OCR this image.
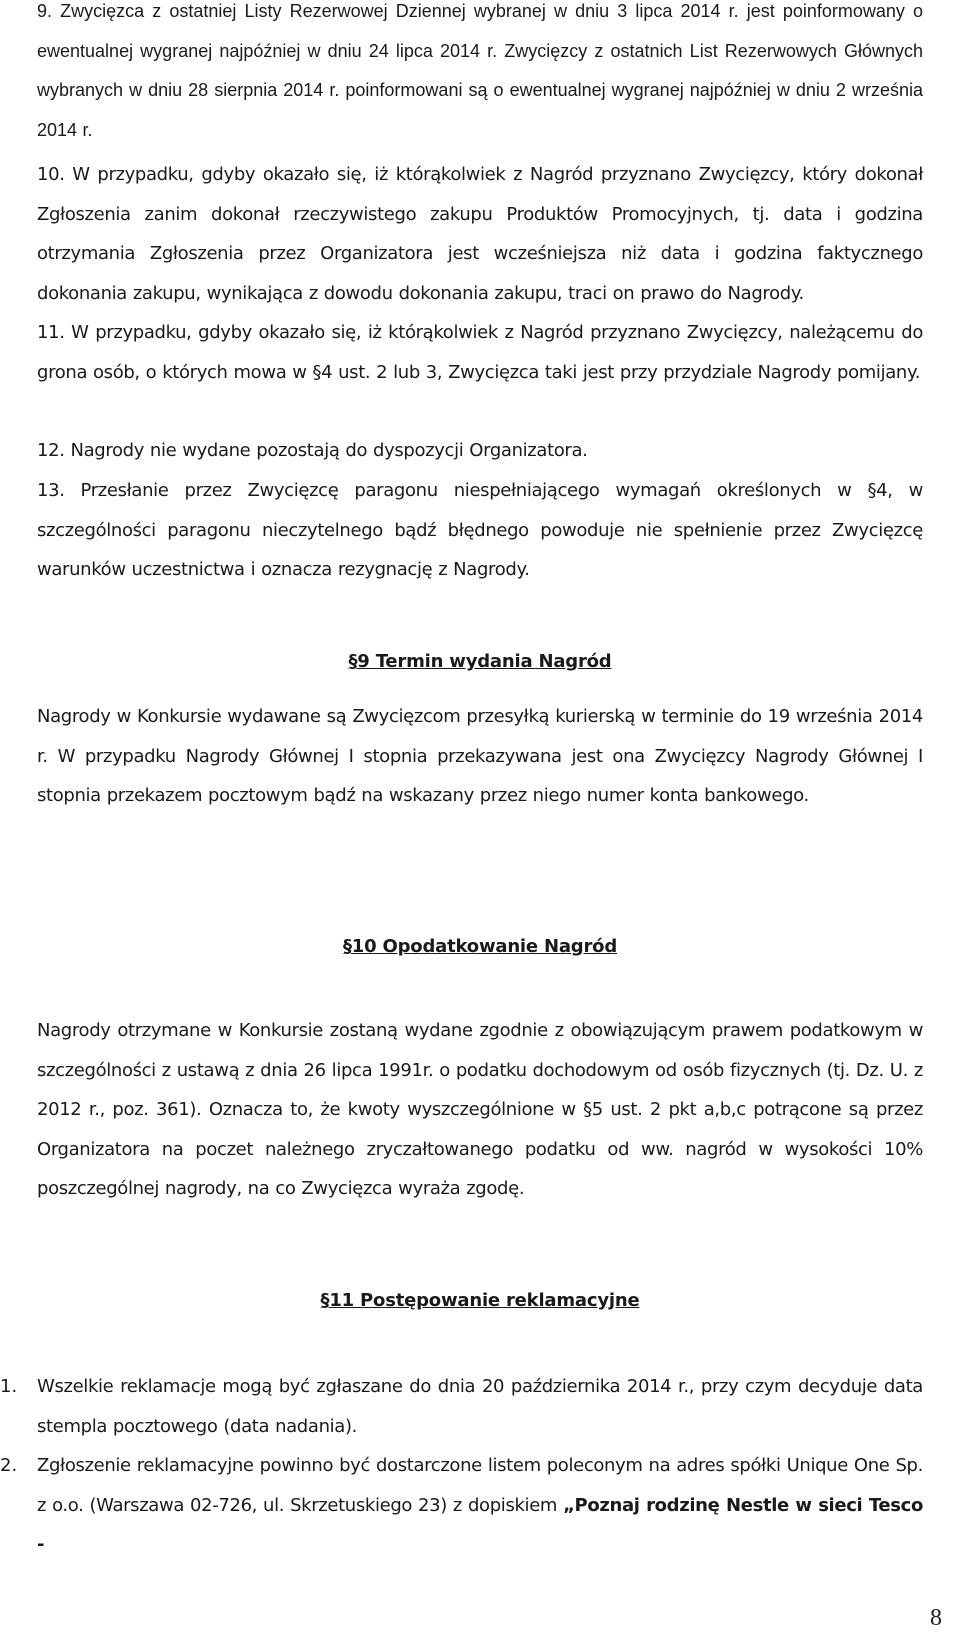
9. Zwycięzca z ostatniej Listy Rezerwowej Dziennej wybranej w dniu 3 lipca 2014 r. jest poinformowany o ewentualnej wygranej najpóźniej w dniu 24 lipca 2014 r. Zwycięzcy z ostatnich List Rezerwowych Głównych wybranych w dniu 28 sierpnia 2014 r. poinformowani są o ewentualnej wygranej najpóźniej w dniu 2 września 2014 r.
10. W przypadku, gdyby okazało się, iż którąkolwiek z Nagród przyznano Zwycięzcy, który dokonał Zgłoszenia zanim dokonał rzeczywistego zakupu Produktów Promocyjnych, tj. data i godzina otrzymania Zgłoszenia przez Organizatora jest wcześniejsza niż data i godzina faktycznego dokonania zakupu, wynikająca z dowodu dokonania zakupu, traci on prawo do Nagrody.
11. W przypadku, gdyby okazało się, iż którąkolwiek z Nagród przyznano Zwycięzcy, należącemu do grona osób, o których mowa w §4 ust. 2 lub 3, Zwycięzca taki jest przy przydziale Nagrody pomijany.
12. Nagrody nie wydane pozostają do dyspozycji Organizatora.
13. Przesłanie przez Zwycięzcę paragonu niespełniającego wymagań określonych w §4, w szczególności paragonu nieczytelnego bądź błędnego powoduje nie spełnienie przez Zwycięzcę warunków uczestnictwa i oznacza rezygnację z Nagrody.
§9 Termin wydania Nagród
Nagrody w Konkursie wydawane są Zwycięzcom przesyłką kurierską w terminie do 19 września 2014 r. W przypadku Nagrody Głównej I stopnia przekazywana jest ona Zwycięzcy Nagrody Głównej I stopnia przekazem pocztowym bądź na wskazany przez niego numer konta bankowego.
§10 Opodatkowanie Nagród
Nagrody otrzymane w Konkursie zostaną wydane zgodnie z obowiązującym prawem podatkowym w szczególności z ustawą z dnia 26 lipca 1991r. o podatku dochodowym od osób fizycznych (tj. Dz. U. z 2012 r., poz. 361). Oznacza to, że kwoty wyszczególnione w §5 ust. 2 pkt a,b,c potrącone są przez Organizatora na poczet należnego zryczałtowanego podatku od ww. nagród w wysokości 10% poszczególnej nagrody, na co Zwycięzca wyraża zgodę.
§11 Postępowanie reklamacyjne
1.	Wszelkie reklamacje mogą być zgłaszane do dnia 20 października 2014 r., przy czym decyduje data stempla pocztowego (data nadania).
2.	Zgłoszenie reklamacyjne powinno być dostarczone listem poleconym na adres spółki Unique One Sp. z o.o. (Warszawa 02-726, ul. Skrzetuskiego 23) z dopiskiem „Poznaj rodzinę Nestle w sieci Tesco -
8
